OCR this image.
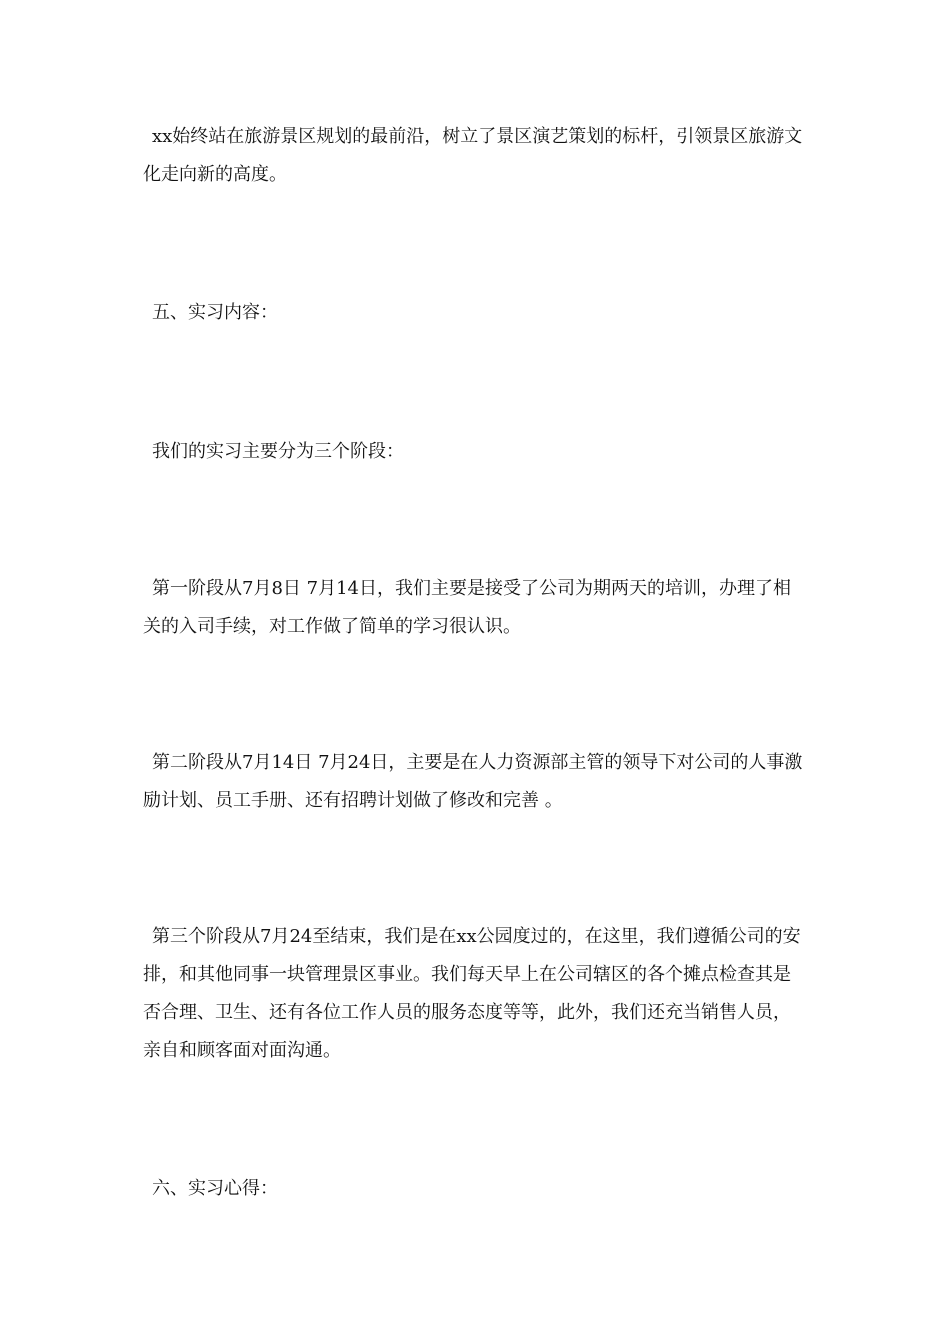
xx始终站在旅游景区规划的最前沿，树立了景区演艺策划的标杆，引领景区旅游文化走向新的高度。

五、实习内容：

我们的实习主要分为三个阶段：

第一阶段从7月8日 7月14日，我们主要是接受了公司为期两天的培训，办理了相关的入司手续，对工作做了简单的学习很认识。

第二阶段从7月14日 7月24日，主要是在人力资源部主管的领导下对公司的人事激励计划、员工手册、还有招聘计划做了修改和完善 。

第三个阶段从7月24至结束，我们是在xx公园度过的，在这里，我们遵循公司的安排，和其他同事一块管理景区事业。我们每天早上在公司辖区的各个摊点检查其是否合理、卫生、还有各位工作人员的服务态度等等，此外，我们还充当销售人员，亲自和顾客面对面沟通。

六、实习心得：
